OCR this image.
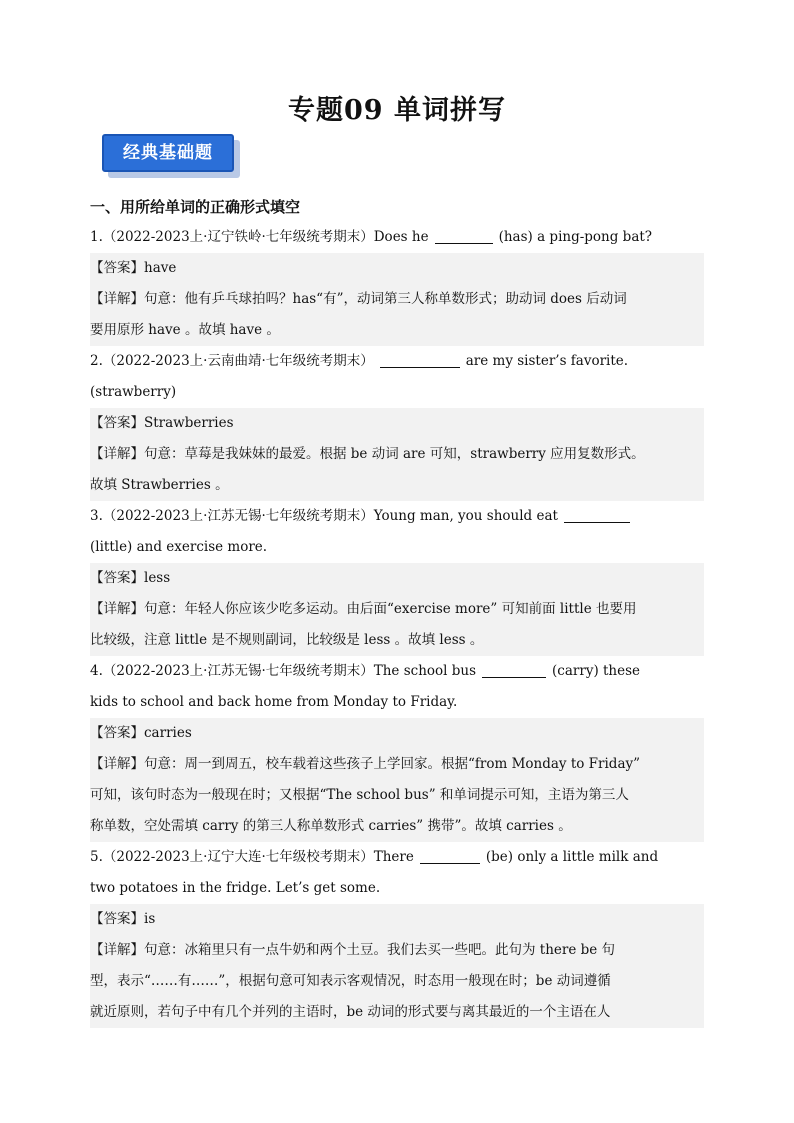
专题09 单词拼写
经典基础题
一、用所给单词的正确形式填空
1.（2022-2023上·辽宁铁岭·七年级统考期末）Does he	(has) a ping-pong bat?
【答案】have
【详解】句意：他有乒乓球拍吗？has“有”，动词第三人称单数形式；助动词 does 后动词
要用原形 have 。故填 have 。
2.（2022-2023上·云南曲靖·七年级统考期末）	are my sister’s favorite.
(strawberry)
【答案】Strawberries
【详解】句意：草莓是我妹妹的最爱。根据 be 动词 are 可知，strawberry 应用复数形式。
故填 Strawberries 。
3.（2022-2023上·江苏无锡·七年级统考期末）Young man, you should eat
(little) and exercise more.
【答案】less
【详解】句意：年轻人你应该少吃多运动。由后面“exercise more” 可知前面 little 也要用
比较级，注意 little 是不规则副词，比较级是 less 。故填 less 。
4.（2022-2023上·江苏无锡·七年级统考期末）The school bus	(carry) these
kids to school and back home from Monday to Friday.
【答案】carries
【详解】句意：周一到周五，校车载着这些孩子上学回家。根据“from Monday to Friday”
可知，该句时态为一般现在时；又根据“The school bus” 和单词提示可知，主语为第三人
称单数，空处需填 carry 的第三人称单数形式 carries” 携带”。故填 carries 。
5.（2022-2023上·辽宁大连·七年级校考期末）There	(be) only a little milk and
two potatoes in the fridge. Let’s get some.
【答案】is
【详解】句意：冰箱里只有一点牛奶和两个土豆。我们去买一些吧。此句为 there be 句
型，表示“……有……”，根据句意可知表示客观情况，时态用一般现在时；be 动词遵循
就近原则，若句子中有几个并列的主语时，be 动词的形式要与离其最近的一个主语在人
